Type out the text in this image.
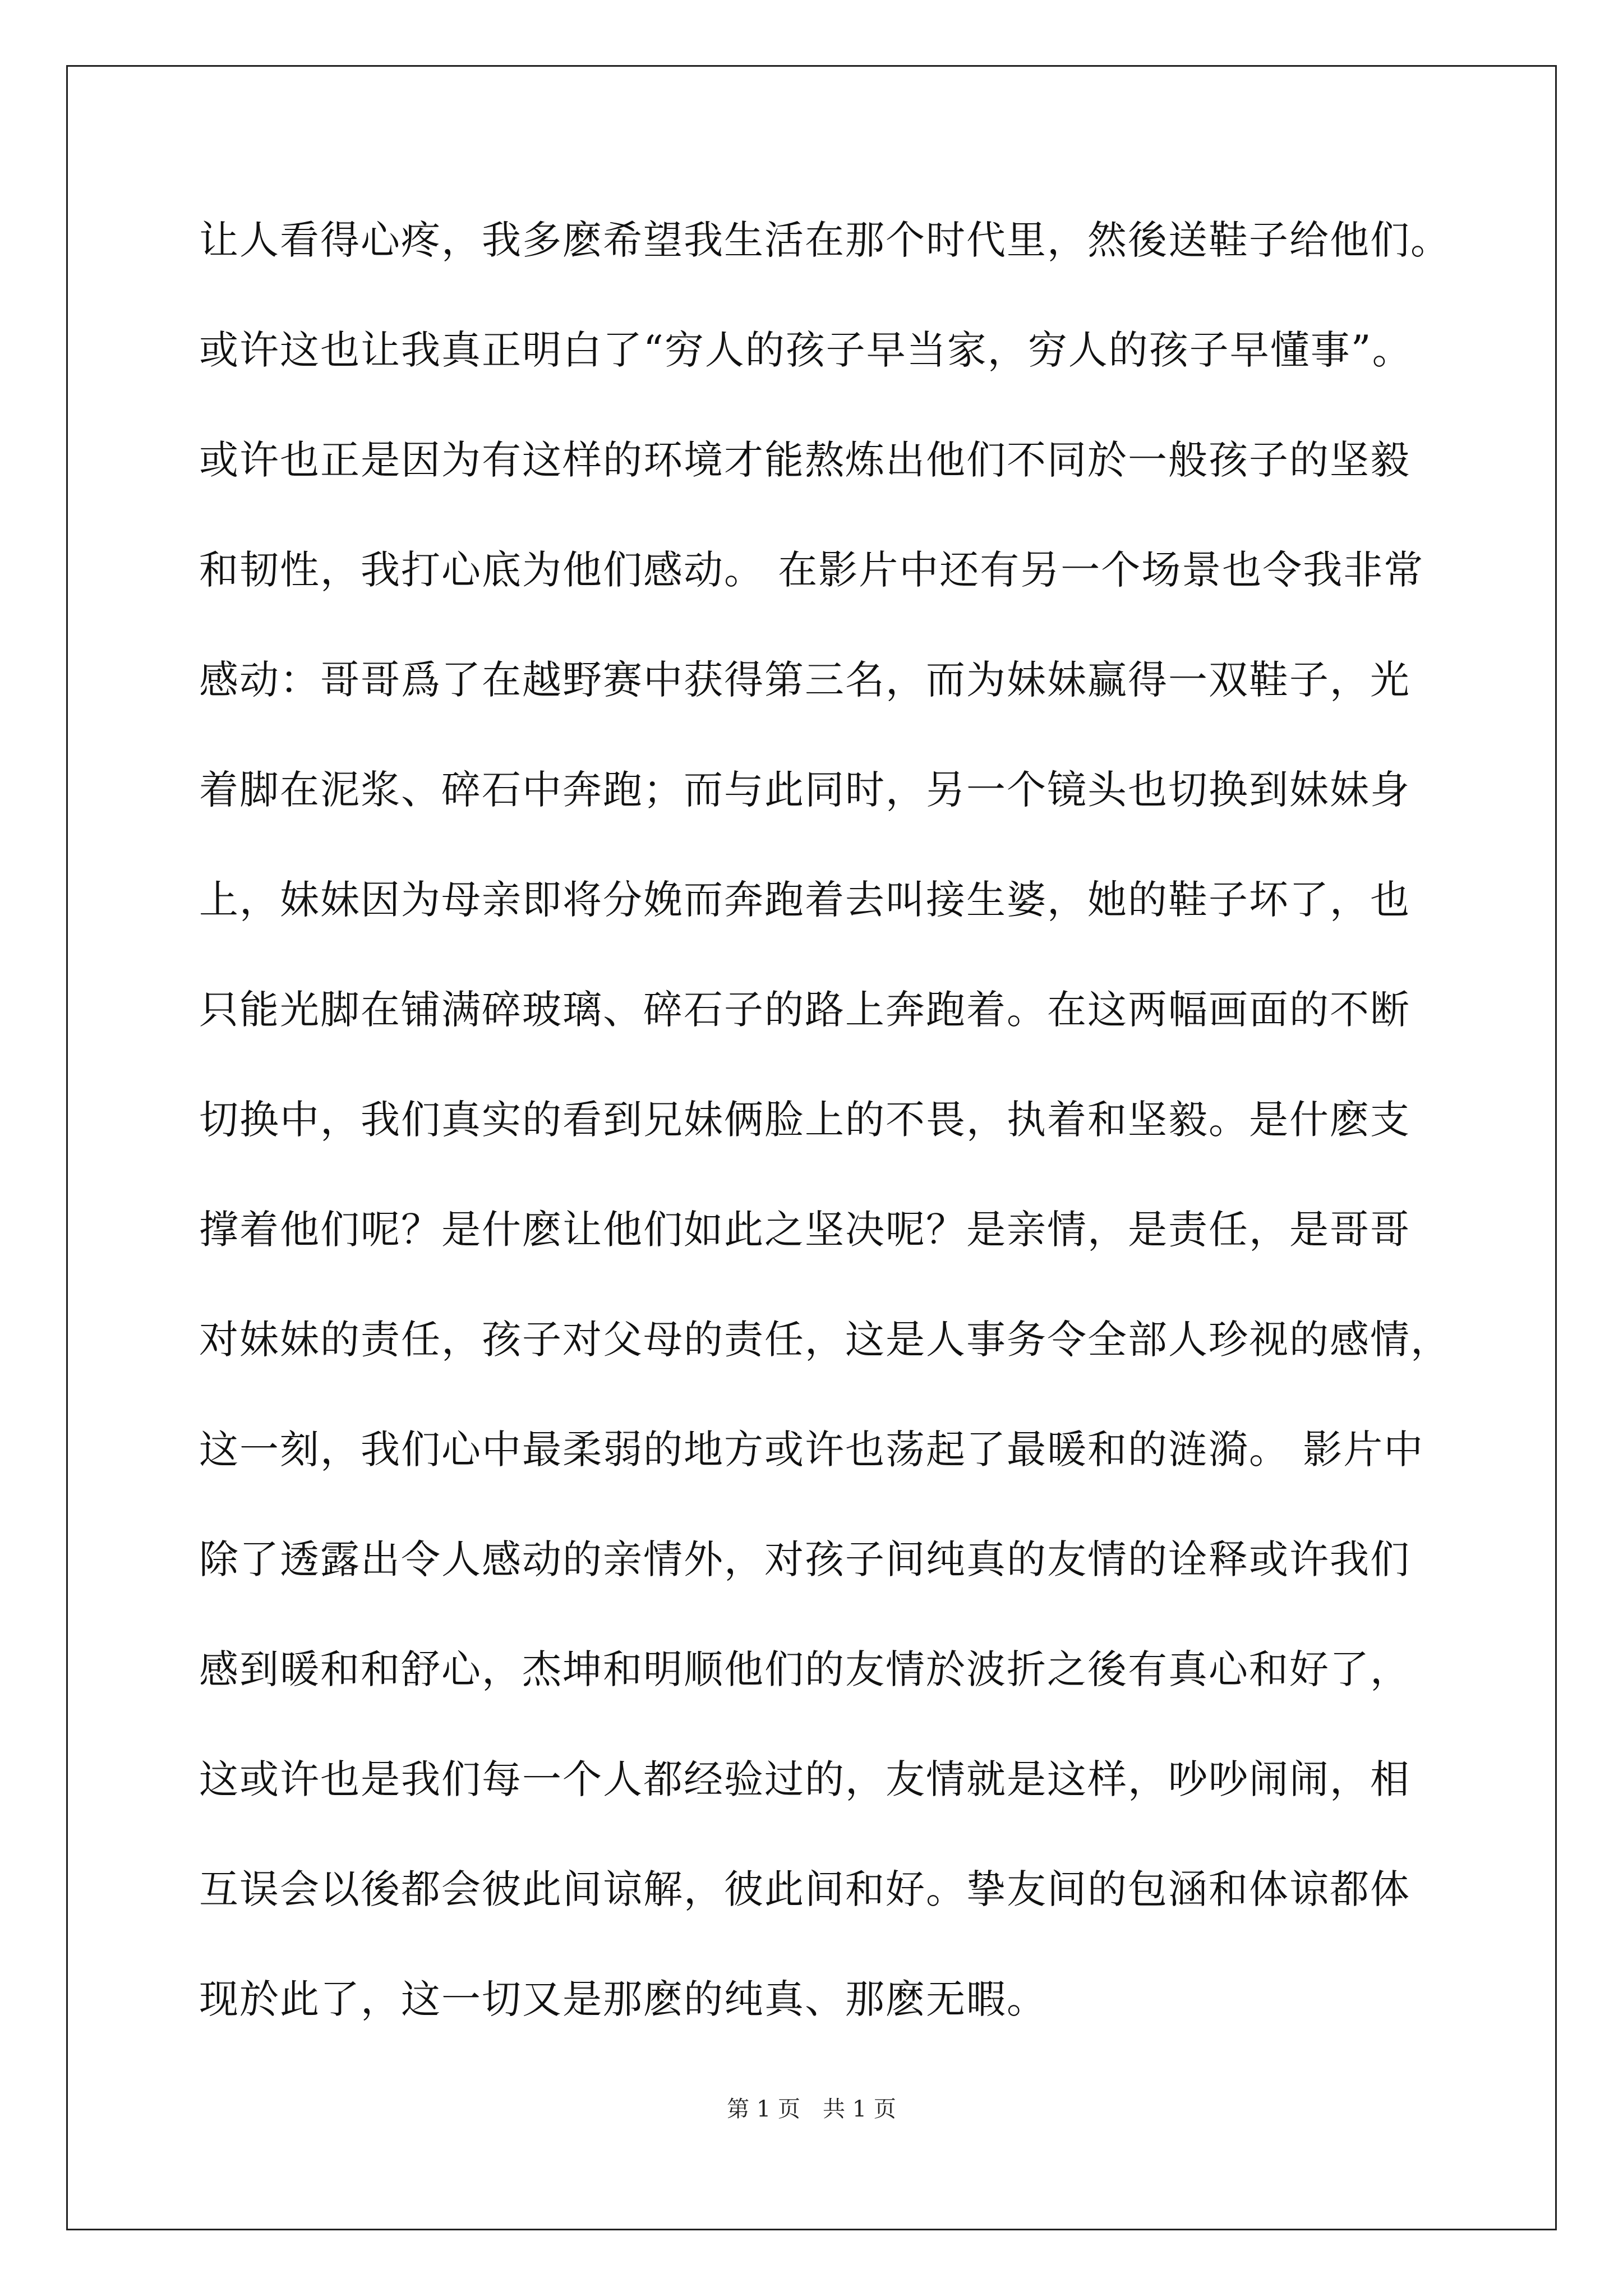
让人看得心疼，我多麽希望我生活在那个时代里，然後送鞋子给他们。
或许这也让我真正明白了“穷人的孩子早当家，穷人的孩子早懂事”。
或许也正是因为有这样的环境才能熬炼出他们不同於一般孩子的坚毅
和韧性，我打心底为他们感动。 在影片中还有另一个场景也令我非常
感动：哥哥爲了在越野赛中获得第三名，而为妹妹赢得一双鞋子，光
着脚在泥浆、碎石中奔跑；而与此同时，另一个镜头也切换到妹妹身
上，妹妹因为母亲即将分娩而奔跑着去叫接生婆，她的鞋子坏了，也
只能光脚在铺满碎玻璃、碎石子的路上奔跑着。在这两幅画面的不断
切换中，我们真实的看到兄妹俩脸上的不畏，执着和坚毅。是什麽支
撑着他们呢？是什麽让他们如此之坚决呢？是亲情，是责任，是哥哥
对妹妹的责任，孩子对父母的责任，这是人事务令全部人珍视的感情，
这一刻，我们心中最柔弱的地方或许也荡起了最暖和的涟漪。 影片中
除了透露出令人感动的亲情外，对孩子间纯真的友情的诠释或许我们
感到暖和和舒心，杰坤和明顺他们的友情於波折之後有真心和好了，
这或许也是我们每一个人都经验过的，友情就是这样，吵吵闹闹，相
互误会以後都会彼此间谅解，彼此间和好。挚友间的包涵和体谅都体
现於此了，这一切又是那麽的纯真、那麽无暇。
第 1 页　共 1 页
